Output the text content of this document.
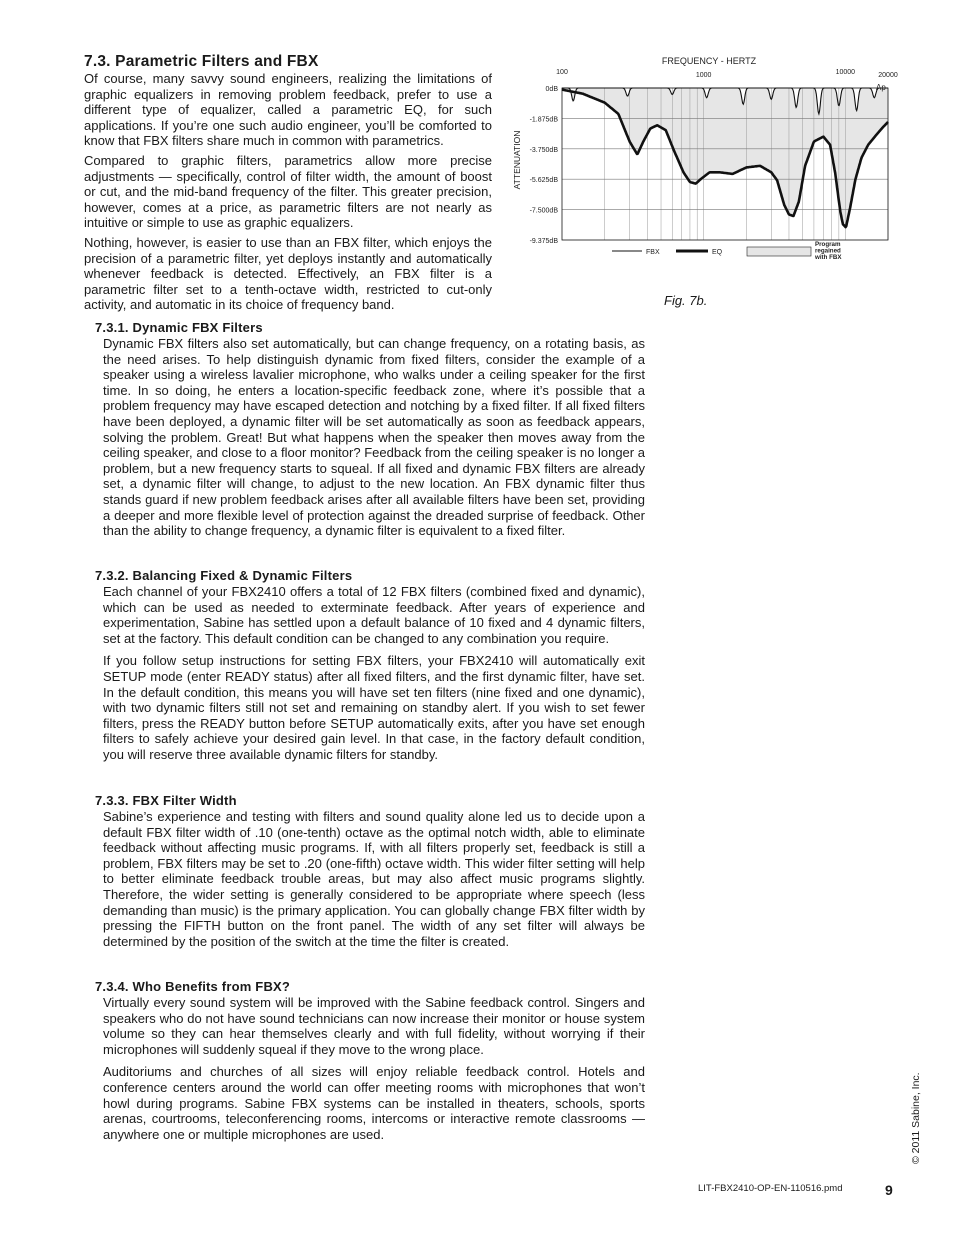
7.3. Parametric Filters and FBX

Of course, many savvy sound engineers, realizing the limitations of graphic equalizers in removing problem feedback, prefer to use a different type of equalizer, called a parametric EQ, for such applications. If you’re one such audio engineer, you’ll be comforted to know that FBX filters share much in common with parametrics.

Compared to graphic filters, parametrics allow more precise adjustments — specifically, control of filter width, the amount of boost or cut, and the mid-band frequency of the filter. This greater precision, however, comes at a price, as parametric filters are not nearly as intuitive or simple to use as graphic equalizers.

Nothing, however, is easier to use than an FBX filter, which enjoys the precision of a parametric filter, yet deploys instantly and automatically whenever feedback is detected. Effectively, an FBX filter is a parametric filter set to a tenth-octave width, restricted to cut-only activity, and automatic in its choice of frequency band.

FREQUENCY - HERTZ
0dB
-1.875dB
-3.750dB
-5.625dB
-7.500dB
-9.375dB
100	1000	10000	20000
ATTENUATION
Ap
FBX	EQ
Program regained with FBX
Fig. 7b.
7.3.1. Dynamic FBX Filters

Dynamic FBX filters also set automatically, but can change frequency, on a rotating basis, as the need arises. To help distinguish dynamic from fixed filters, consider the example of a speaker using a wireless lavalier microphone, who walks under a ceiling speaker for the first time. In so doing, he enters a location-specific feedback zone, where it’s possible that a problem frequency may have escaped detection and notching by a fixed filter. If all fixed filters have been deployed, a dynamic filter will be set automatically as soon as feedback appears, solving the problem. Great! But what happens when the speaker then moves away from the ceiling speaker, and close to a floor monitor? Feedback from the ceiling speaker is no longer a problem, but a new frequency starts to squeal. If all fixed and dynamic FBX filters are already set, a dynamic filter will change, to adjust to the new location. An FBX dynamic filter thus stands guard if new problem feedback arises after all available filters have been set, providing a deeper and more flexible level of protection against the dreaded surprise of feedback. Other than the ability to change frequency, a dynamic filter is equivalent to a fixed filter.

7.3.2. Balancing Fixed & Dynamic Filters

Each channel of your FBX2410 offers a total of 12 FBX filters (combined fixed and dynamic), which can be used as needed to exterminate feedback. After years of experience and experimentation, Sabine has settled upon a default balance of 10 fixed and 4 dynamic filters, set at the factory. This default condition can be changed to any combination you require.

If you follow setup instructions for setting FBX filters, your FBX2410 will automatically exit SETUP mode (enter READY status) after all fixed filters, and the first dynamic filter, have set. In the default condition, this means you will have set ten filters (nine fixed and one dynamic), with two dynamic filters still not set and remaining on standby alert. If you wish to set fewer filters, press the READY button before SETUP automatically exits, after you have set enough filters to safely achieve your desired gain level. In that case, in the factory default condition, you will reserve three available dynamic filters for standby.

7.3.3. FBX Filter Width

Sabine’s experience and testing with filters and sound quality alone led us to decide upon a default FBX filter width of .10 (one-tenth) octave as the optimal notch width, able to eliminate feedback without affecting music programs. If, with all filters properly set, feedback is still a problem, FBX filters may be set to .20 (one-fifth) octave width. This wider filter setting will help to better eliminate feedback trouble areas, but may also affect music programs slightly. Therefore, the wider setting is generally considered to be appropriate where speech (less demanding than music) is the primary application. You can globally change FBX filter width by pressing the FIFTH button on the front panel. The width of any set filter will always be determined by the position of the switch at the time the filter is created.

7.3.4. Who Benefits from FBX?

Virtually every sound system will be improved with the Sabine feedback control. Singers and speakers who do not have sound technicians can now increase their monitor or house system volume so they can hear themselves clearly and with full fidelity, without worrying if their microphones will suddenly squeal if they move to the wrong place.

Auditoriums and churches of all sizes will enjoy reliable feedback control. Hotels and conference centers around the world can offer meeting rooms with microphones that won’t howl during programs. Sabine FBX systems can be installed in theaters, schools, sports arenas, courtrooms, teleconferencing rooms, intercoms or interactive remote classrooms — anywhere one or multiple microphones are used.	© 2011 Sabine, Inc.
LIT-FBX2410-OP-EN-110516.pmd	9
